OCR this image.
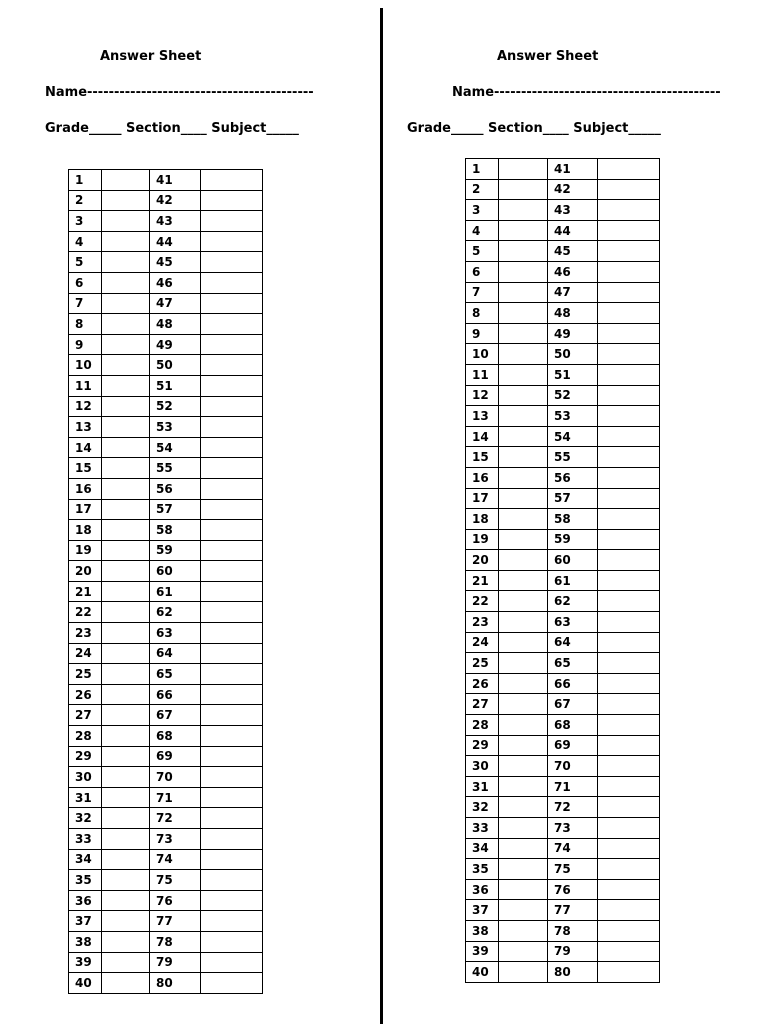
Answer Sheet
Name------------------------------------------
Grade_____ Section____ Subject_____
1		41	
2		42	
3		43	
4		44	
5		45	
6		46	
7		47	
8		48	
9		49	
10		50	
11		51	
12		52	
13		53	
14		54	
15		55	
16		56	
17		57	
18		58	
19		59	
20		60	
21		61	
22		62	
23		63	
24		64	
25		65	
26		66	
27		67	
28		68	
29		69	
30		70	
31		71	
32		72	
33		73	
34		74	
35		75	
36		76	
37		77	
38		78	
39		79	
40		80	
Answer Sheet
Name------------------------------------------
Grade_____ Section____ Subject_____
1		41	
2		42	
3		43	
4		44	
5		45	
6		46	
7		47	
8		48	
9		49	
10		50	
11		51	
12		52	
13		53	
14		54	
15		55	
16		56	
17		57	
18		58	
19		59	
20		60	
21		61	
22		62	
23		63	
24		64	
25		65	
26		66	
27		67	
28		68	
29		69	
30		70	
31		71	
32		72	
33		73	
34		74	
35		75	
36		76	
37		77	
38		78	
39		79	
40		80	
